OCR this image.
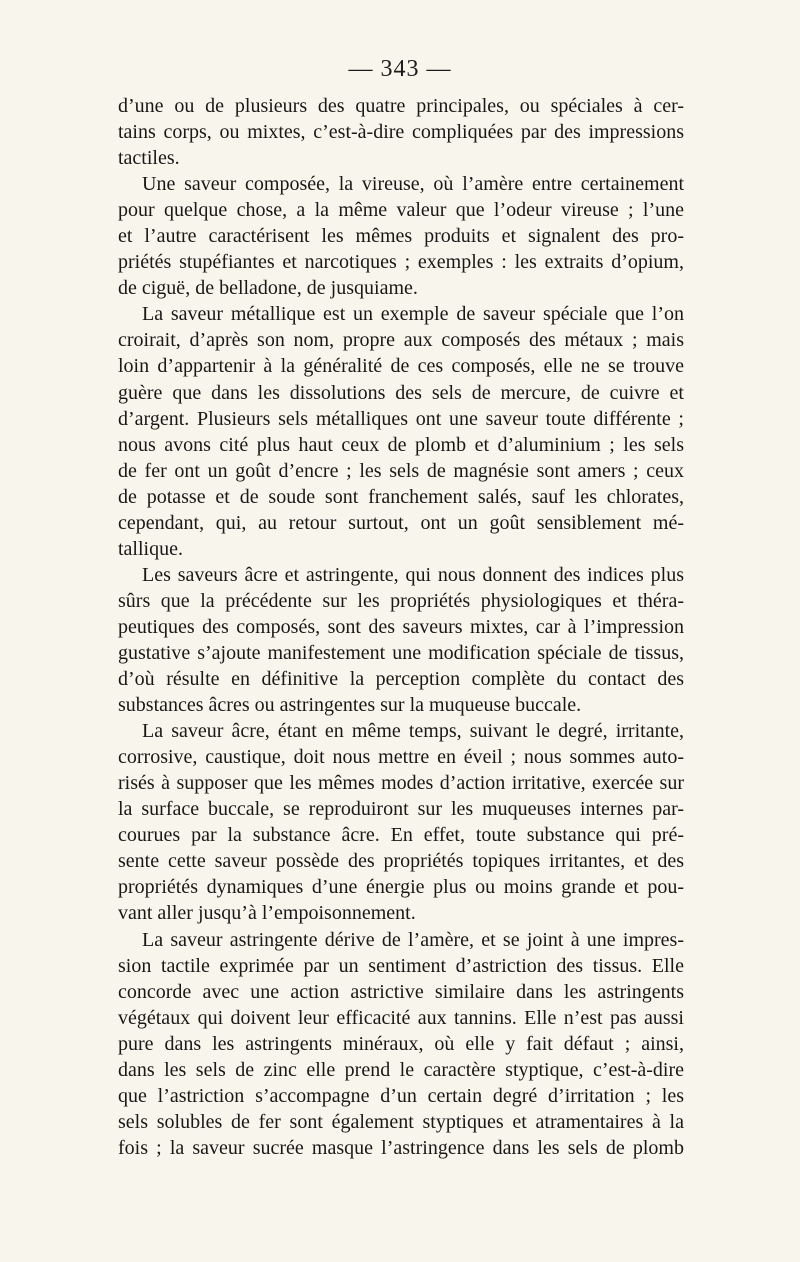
— 343 —
d’une ou de plusieurs des quatre principales, ou spéciales à cer-
tains corps, ou mixtes, c’est-à-dire compliquées par des impressions
tactiles.
Une saveur composée, la vireuse, où l’amère entre certainement
pour quelque chose, a la même valeur que l’odeur vireuse ; l’une
et l’autre caractérisent les mêmes produits et signalent des pro-
priétés stupéfiantes et narcotiques ; exemples : les extraits d’opium,
de ciguë, de belladone, de jusquiame.
La saveur métallique est un exemple de saveur spéciale que l’on
croirait, d’après son nom, propre aux composés des métaux ; mais
loin d’appartenir à la généralité de ces composés, elle ne se trouve
guère que dans les dissolutions des sels de mercure, de cuivre et
d’argent. Plusieurs sels métalliques ont une saveur toute différente ;
nous avons cité plus haut ceux de plomb et d’aluminium ; les sels
de fer ont un goût d’encre ; les sels de magnésie sont amers ; ceux
de potasse et de soude sont franchement salés, sauf les chlorates,
cependant, qui, au retour surtout, ont un goût sensiblement mé-
tallique.
Les saveurs âcre et astringente, qui nous donnent des indices plus
sûrs que la précédente sur les propriétés physiologiques et théra-
peutiques des composés, sont des saveurs mixtes, car à l’impression
gustative s’ajoute manifestement une modification spéciale de tissus,
d’où résulte en définitive la perception complète du contact des
substances âcres ou astringentes sur la muqueuse buccale.
La saveur âcre, étant en même temps, suivant le degré, irritante,
corrosive, caustique, doit nous mettre en éveil ; nous sommes auto-
risés à supposer que les mêmes modes d’action irritative, exercée sur
la surface buccale, se reproduiront sur les muqueuses internes par-
courues par la substance âcre. En effet, toute substance qui pré-
sente cette saveur possède des propriétés topiques irritantes, et des
propriétés dynamiques d’une énergie plus ou moins grande et pou-
vant aller jusqu’à l’empoisonnement.
La saveur astringente dérive de l’amère, et se joint à une impres-
sion tactile exprimée par un sentiment d’astriction des tissus. Elle
concorde avec une action astrictive similaire dans les astringents
végétaux qui doivent leur efficacité aux tannins. Elle n’est pas aussi
pure dans les astringents minéraux, où elle y fait défaut ; ainsi,
dans les sels de zinc elle prend le caractère styptique, c’est-à-dire
que l’astriction s’accompagne d’un certain degré d’irritation ; les
sels solubles de fer sont également styptiques et atramentaires à la
fois ; la saveur sucrée masque l’astringence dans les sels de plomb
